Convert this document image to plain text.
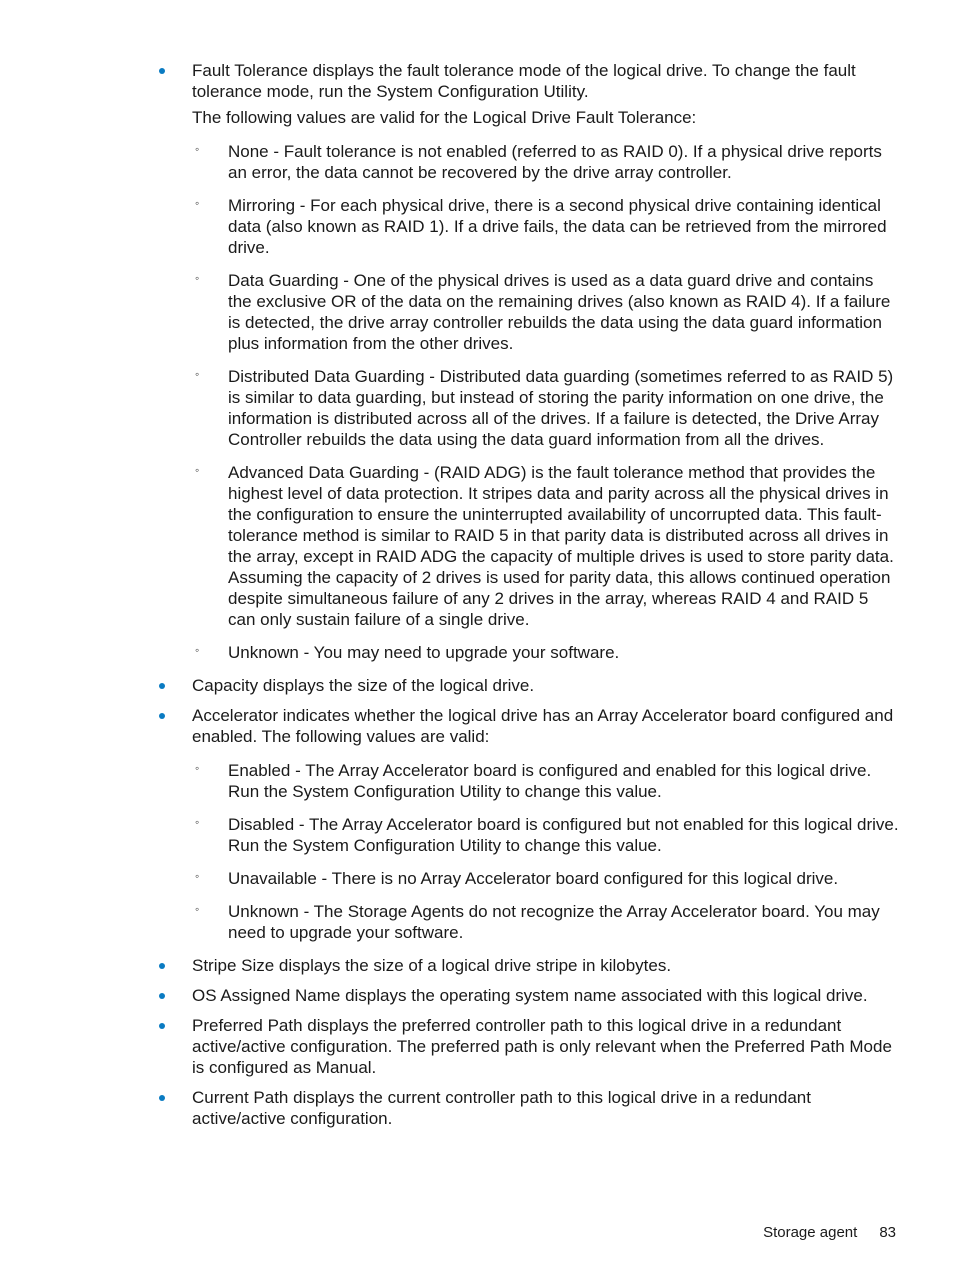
Fault Tolerance displays the fault tolerance mode of the logical drive. To change the fault tolerance mode, run the System Configuration Utility.

The following values are valid for the Logical Drive Fault Tolerance:

◦ None - Fault tolerance is not enabled (referred to as RAID 0). If a physical drive reports an error, the data cannot be recovered by the drive array controller.
◦ Mirroring - For each physical drive, there is a second physical drive containing identical data (also known as RAID 1). If a drive fails, the data can be retrieved from the mirrored drive.
◦ Data Guarding - One of the physical drives is used as a data guard drive and contains the exclusive OR of the data on the remaining drives (also known as RAID 4). If a failure is detected, the drive array controller rebuilds the data using the data guard information plus information from the other drives.
◦ Distributed Data Guarding - Distributed data guarding (sometimes referred to as RAID 5) is similar to data guarding, but instead of storing the parity information on one drive, the information is distributed across all of the drives. If a failure is detected, the Drive Array Controller rebuilds the data using the data guard information from all the drives.
◦ Advanced Data Guarding - (RAID ADG) is the fault tolerance method that provides the highest level of data protection. It stripes data and parity across all the physical drives in the configuration to ensure the uninterrupted availability of uncorrupted data. This fault-tolerance method is similar to RAID 5 in that parity data is distributed across all drives in the array, except in RAID ADG the capacity of multiple drives is used to store parity data. Assuming the capacity of 2 drives is used for parity data, this allows continued operation despite simultaneous failure of any 2 drives in the array, whereas RAID 4 and RAID 5 can only sustain failure of a single drive.
◦ Unknown - You may need to upgrade your software.

Capacity displays the size of the logical drive.

Accelerator indicates whether the logical drive has an Array Accelerator board configured and enabled. The following values are valid:

◦ Enabled - The Array Accelerator board is configured and enabled for this logical drive. Run the System Configuration Utility to change this value.
◦ Disabled - The Array Accelerator board is configured but not enabled for this logical drive. Run the System Configuration Utility to change this value.
◦ Unavailable - There is no Array Accelerator board configured for this logical drive.
◦ Unknown - The Storage Agents do not recognize the Array Accelerator board. You may need to upgrade your software.

Stripe Size displays the size of a logical drive stripe in kilobytes.

OS Assigned Name displays the operating system name associated with this logical drive.

Preferred Path displays the preferred controller path to this logical drive in a redundant active/active configuration. The preferred path is only relevant when the Preferred Path Mode is configured as Manual.

Current Path displays the current controller path to this logical drive in a redundant active/active configuration.

Storage agent 83
